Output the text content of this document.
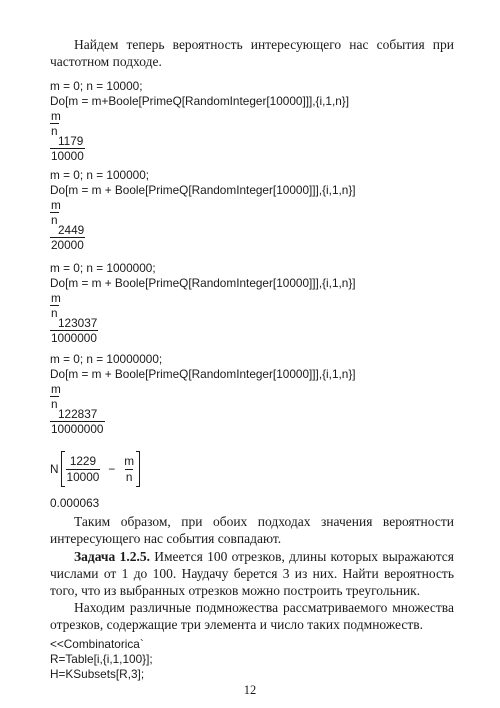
Найдем теперь вероятность интересующего нас события при частотном подходе.

m = 0; n = 10000;
Do[m = m+Boole[PrimeQ[RandomInteger[10000]]],{i,1,n}]
$\frac{m}{n}$
$\frac{1179}{10000}$
m = 0; n = 100000;
Do[m = m + Boole[PrimeQ[RandomInteger[10000]]],{i,1,n}]
$\frac{m}{n}$
$\frac{2449}{20000}$
m = 0; n = 1000000;
Do[m = m + Boole[PrimeQ[RandomInteger[10000]]],{i,1,n}]
$\frac{m}{n}$
$\frac{123037}{1000000}$
m = 0; n = 10000000;
Do[m = m + Boole[PrimeQ[RandomInteger[10000]]],{i,1,n}]
$\frac{m}{n}$
$\frac{122837}{10000000}$
N $\frac{1229}{10000} - \frac{m}{n}$
0.000063

Таким образом, при обоих подходах значения вероятности интересующего нас события совпадают.

Задача 1.2.5. Имеется 100 отрезков, длины которых выражаются числами от 1 до 100. Наудачу берется 3 из них. Найти вероятность того, что из выбранных отрезков можно построить треугольник.

Находим различные подмножества рассматриваемого множества отрезков, содержащие три элемента и число таких подмножеств.

<<Combinatorica`
R=Table[i,{i,1,100}];
H=KSubsets[R,3];
12
